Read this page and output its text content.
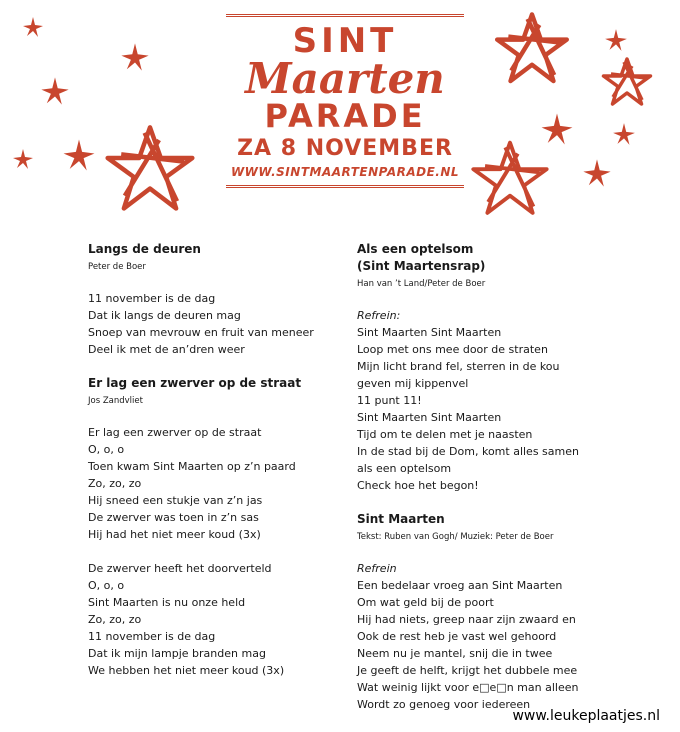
SINT
Maarten
PARADE
ZA 8 NOVEMBER
WWW.SINTMAARTENPARADE.NL
Langs de deuren
Peter de Boer
11 november is de dag
Dat ik langs de deuren mag
Snoep van mevrouw en fruit van meneer
Deel ik met de an’dren weer
Er lag een zwerver op de straat
Jos Zandvliet
Er lag een zwerver op de straat
O, o, o
Toen kwam Sint Maarten op z’n paard
Zo, zo, zo
Hij sneed een stukje van z’n jas
De zwerver was toen in z’n sas
Hij had het niet meer koud (3x)
De zwerver heeft het doorverteld
O, o, o
Sint Maarten is nu onze held
Zo, zo, zo
11 november is de dag
Dat ik mijn lampje branden mag
We hebben het niet meer koud (3x)
Als een optelsom
(Sint Maartensrap)
Han van ’t Land/Peter de Boer
Refrein:
Sint Maarten Sint Maarten
Loop met ons mee door de straten
Mijn licht brand fel, sterren in de kou
geven mij kippenvel
11 punt 11!
Sint Maarten Sint Maarten
Tijd om te delen met je naasten
In de stad bij de Dom, komt alles samen
als een optelsom
Check hoe het begon!
Sint Maarten
Tekst: Ruben van Gogh/ Muziek: Peter de Boer
Refrein
Een bedelaar vroeg aan Sint Maarten
Om wat geld bij de poort
Hij had niets, greep naar zijn zwaard en
Ook de rest heb je vast wel gehoord
Neem nu je mantel, snij die in twee
Je geeft de helft, krijgt het dubbele mee
Wat weinig lijkt voor e□e□n man alleen
Wordt zo genoeg voor iedereen
www.leukeplaatjes.nl
